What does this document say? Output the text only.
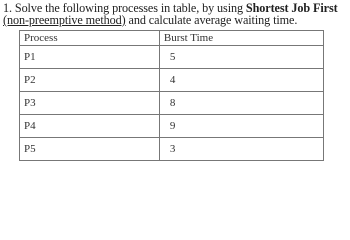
1. Solve the following processes in table, by using Shortest Job First (non-preemptive method) and calculate average waiting time.
Process	Burst Time
P1	5
P2	4
P3	8
P4	9
P5	3
